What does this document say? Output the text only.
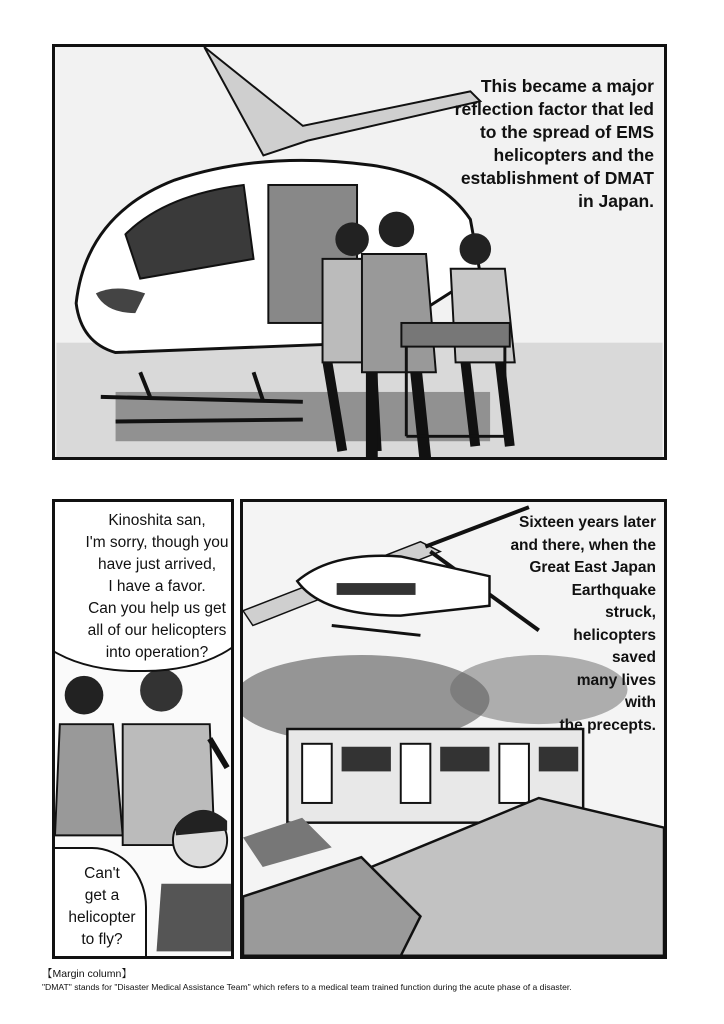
This became a major
reflection factor that led
to the spread of EMS
helicopters and the
establishment of DMAT
in Japan.
Kinoshita san,
I'm sorry, though you
have just arrived,
I have a favor.
Can you help us get
all of our helicopters
into operation?
Can't
get a
helicopter
to fly?
Sixteen years later
and there, when the
Great East Japan
Earthquake
struck,
helicopters
saved
many lives
with
the precepts.
【Margin column】
"DMAT" stands for "Disaster Medical Assistance Team" which refers to a medical team trained function during the acute phase of a disaster.
